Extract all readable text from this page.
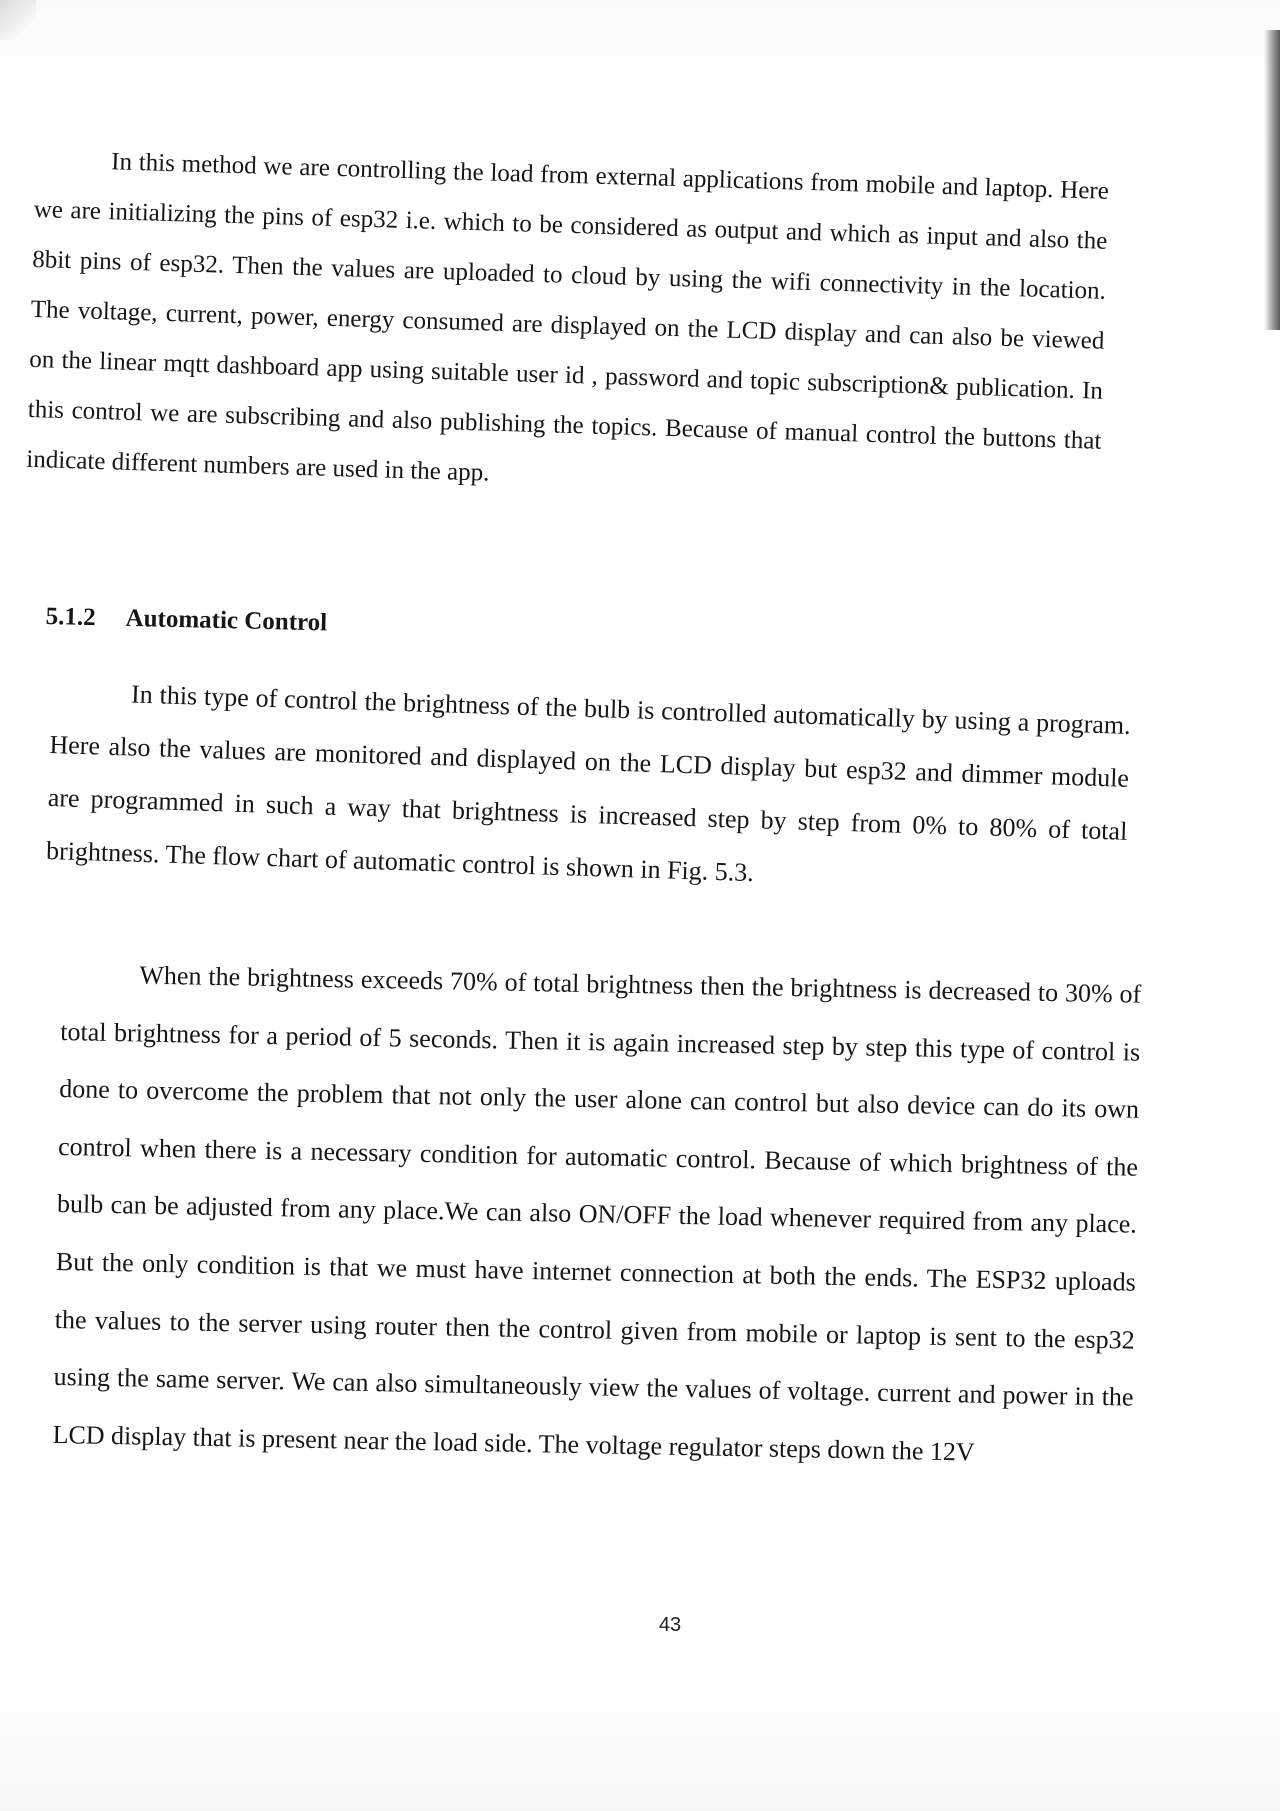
In this method we are controlling the load from external applications from mobile and laptop. Here we are initializing the pins of esp32 i.e. which to be considered as output and which as input and also the 8bit pins of esp32. Then the values are uploaded to cloud by using the wifi connectivity in the location. The voltage, current, power, energy consumed are displayed on the LCD display and can also be viewed on the linear mqtt dashboard app using suitable user id , password and topic subscription& publication. In this control we are subscribing and also publishing the topics. Because of manual control the buttons that indicate different numbers are used in the app.

5.1.2 Automatic Control

In this type of control the brightness of the bulb is controlled automatically by using a program. Here also the values are monitored and displayed on the LCD display but esp32 and dimmer module are programmed in such a way that brightness is increased step by step from 0% to 80% of total brightness. The flow chart of automatic control is shown in Fig. 5.3.

When the brightness exceeds 70% of total brightness then the brightness is decreased to 30% of total brightness for a period of 5 seconds. Then it is again increased step by step this type of control is done to overcome the problem that not only the user alone can control but also device can do its own control when there is a necessary condition for automatic control. Because of which brightness of the bulb can be adjusted from any place.We can also ON/OFF the load whenever required from any place. But the only condition is that we must have internet connection at both the ends. The ESP32 uploads the values to the server using router then the control given from mobile or laptop is sent to the esp32 using the same server. We can also simultaneously view the values of voltage. current and power in the LCD display that is present near the load side. The voltage regulator steps down the 12V

43
